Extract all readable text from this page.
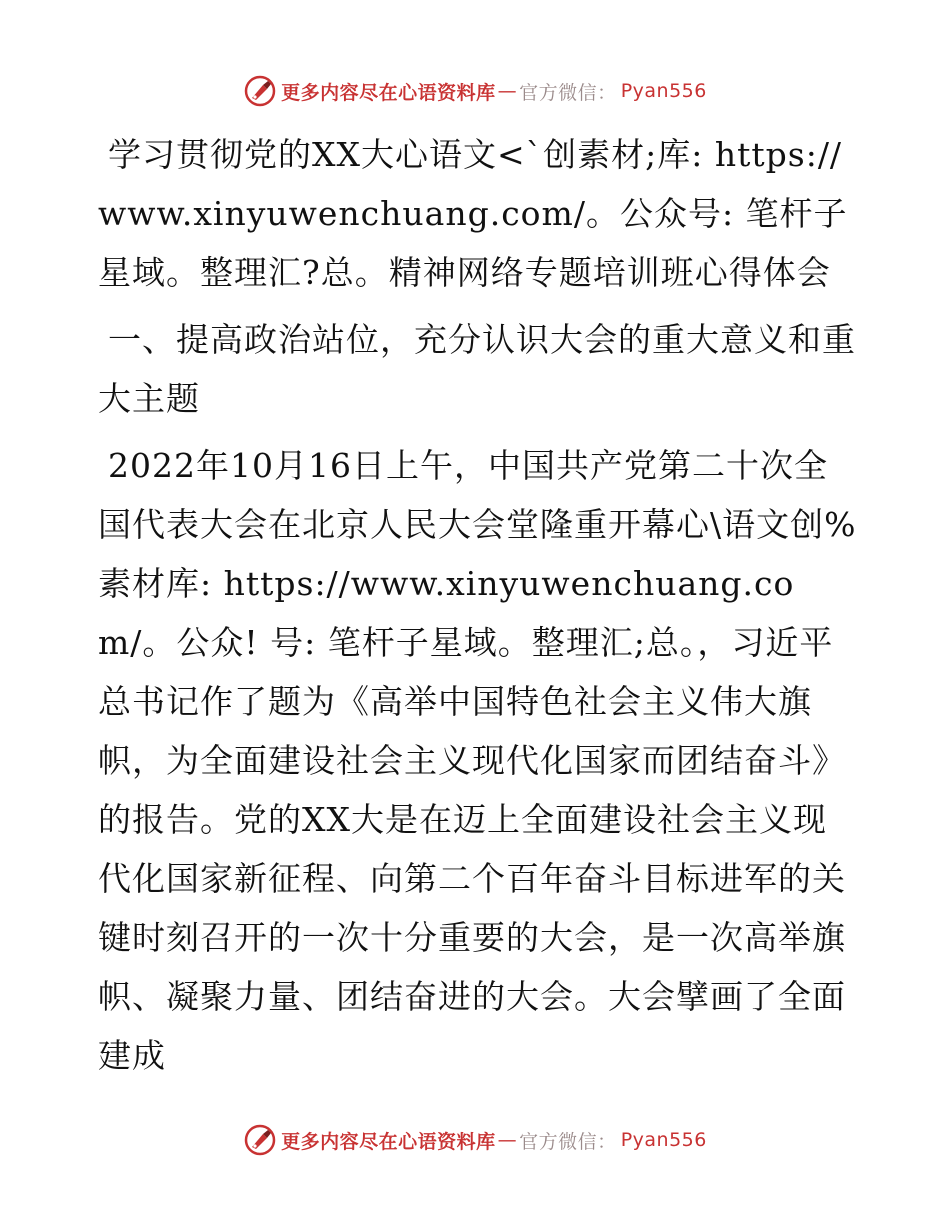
更多内容尽在心语资料库 — 官方微信： Pyan556

学习贯彻党的XX大心语文<`创素材;库: https://www.xinyuwenchuang.com/。公众号: 笔杆子星域。整理汇?总。精神网络专题培训班心得体会

一、提高政治站位，充分认识大会的重大意义和重大主题

2022年10月16日上午，中国共产党第二十次全国代表大会在北京人民大会堂隆重开幕心\语文创%素材库: https://www.xinyuwenchuang.com/。公众! 号: 笔杆子星域。整理汇;总。，习近平总书记作了题为《高举中国特色社会主义伟大旗帜，为全面建设社会主义现代化国家而团结奋斗》的报告。党的XX大是在迈上全面建设社会主义现代化国家新征程、向第二个百年奋斗目标进军的关键时刻召开的一次十分重要的大会，是一次高举旗帜、凝聚力量、团结奋进的大会。大会擘画了全面建成

更多内容尽在心语资料库 — 官方微信： Pyan556
